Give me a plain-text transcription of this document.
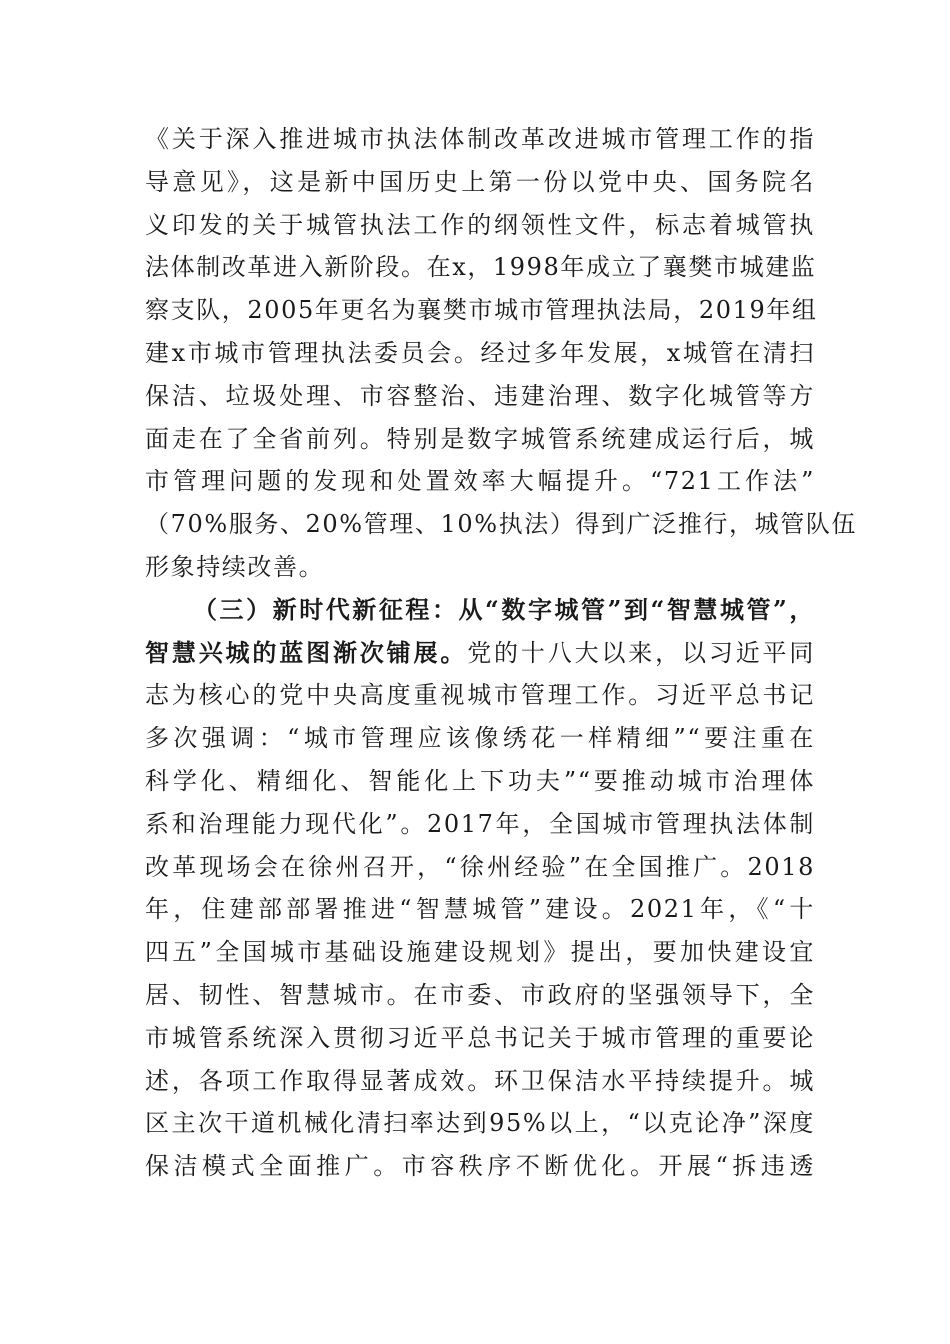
《关于深入推进城市执法体制改革改进城市管理工作的指
导意见》，这是新中国历史上第一份以党中央、国务院名
义印发的关于城管执法工作的纲领性文件，标志着城管执
法体制改革进入新阶段。在x，1998年成立了襄樊市城建监
察支队，2005年更名为襄樊市城市管理执法局，2019年组
建x市城市管理执法委员会。经过多年发展，x城管在清扫
保洁、垃圾处理、市容整治、违建治理、数字化城管等方
面走在了全省前列。特别是数字城管系统建成运行后，城
市管理问题的发现和处置效率大幅提升。“721工作法”
（70%服务、20%管理、10%执法）得到广泛推行，城管队伍
形象持续改善。
（三）新时代新征程：从“数字城管”到“智慧城管”，
智慧兴城的蓝图渐次铺展。党的十八大以来，以习近平同
志为核心的党中央高度重视城市管理工作。习近平总书记
多次强调：“城市管理应该像绣花一样精细”“要注重在
科学化、精细化、智能化上下功夫”“要推动城市治理体
系和治理能力现代化”。2017年，全国城市管理执法体制
改革现场会在徐州召开，“徐州经验”在全国推广。2018
年，住建部部署推进“智慧城管”建设。2021年，《“十
四五”全国城市基础设施建设规划》提出，要加快建设宜
居、韧性、智慧城市。在市委、市政府的坚强领导下，全
市城管系统深入贯彻习近平总书记关于城市管理的重要论
述，各项工作取得显著成效。环卫保洁水平持续提升。城
区主次干道机械化清扫率达到95%以上，“以克论净”深度
保洁模式全面推广。市容秩序不断优化。开展“拆违透
